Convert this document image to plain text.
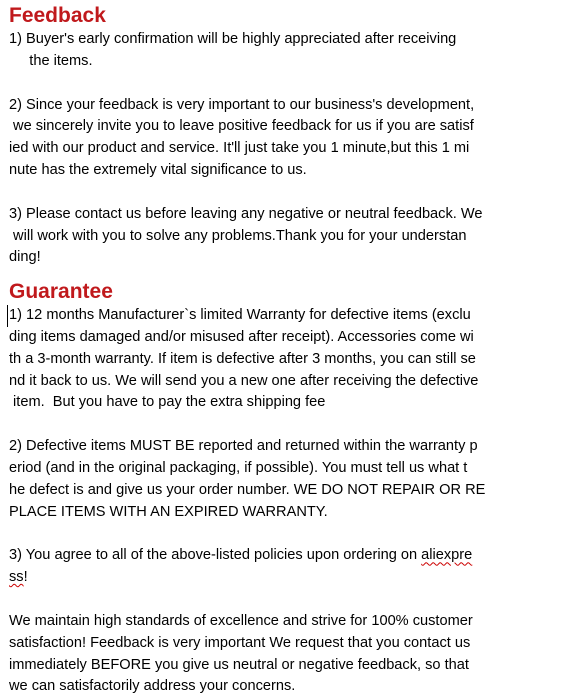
Feedback
1) Buyer's early confirmation will be highly appreciated after receiving
the items.
2) Since your feedback is very important to our business's development,
we sincerely invite you to leave positive feedback for us if you are satisf
ied with our product and service. It'll just take you 1 minute,but this 1 mi
nute has the extremely vital significance to us.
3) Please contact us before leaving any negative or neutral feedback. We
will work with you to solve any problems.Thank you for your understan
ding!
Guarantee
1) 12 months Manufacturer`s limited Warranty for defective items (exclu
ding items damaged and/or misused after receipt). Accessories come wi
th a 3-month warranty. If item is defective after 3 months, you can still se
nd it back to us. We will send you a new one after receiving the defective
item.  But you have to pay the extra shipping fee
2) Defective items MUST BE reported and returned within the warranty p
eriod (and in the original packaging, if possible). You must tell us what t
he defect is and give us your order number. WE DO NOT REPAIR OR RE
PLACE ITEMS WITH AN EXPIRED WARRANTY.
3) You agree to all of the above-listed policies upon ordering on aliexpre
ss!
We maintain high standards of excellence and strive for 100% customer
satisfaction! Feedback is very important We request that you contact us
immediately BEFORE you give us neutral or negative feedback, so that
we can satisfactorily address your concerns.
